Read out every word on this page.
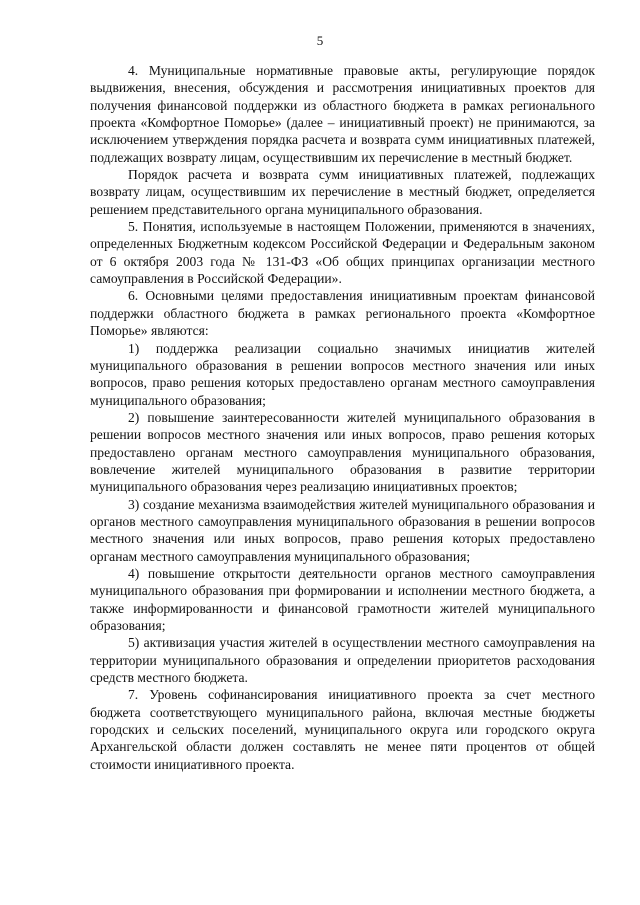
5

4. Муниципальные нормативные правовые акты, регулирующие порядок выдвижения, внесения, обсуждения и рассмотрения инициативных проектов для получения финансовой поддержки из областного бюджета в рамках регионального проекта «Комфортное Поморье» (далее – инициативный проект) не принимаются, за исключением утверждения порядка расчета и возврата сумм инициативных платежей, подлежащих возврату лицам, осуществившим их перечисление в местный бюджет.

Порядок расчета и возврата сумм инициативных платежей, подлежащих возврату лицам, осуществившим их перечисление в местный бюджет, определяется решением представительного органа муниципального образования.

5. Понятия, используемые в настоящем Положении, применяются в значениях, определенных Бюджетным кодексом Российской Федерации и Федеральным законом от 6 октября 2003 года № 131-ФЗ «Об общих принципах организации местного самоуправления в Российской Федерации».

6. Основными целями предоставления инициативным проектам финансовой поддержки областного бюджета в рамках регионального проекта «Комфортное Поморье» являются:

1) поддержка реализации социально значимых инициатив жителей муниципального образования в решении вопросов местного значения или иных вопросов, право решения которых предоставлено органам местного самоуправления муниципального образования;

2) повышение заинтересованности жителей муниципального образования в решении вопросов местного значения или иных вопросов, право решения которых предоставлено органам местного самоуправления муниципального образования, вовлечение жителей муниципального образования в развитие территории муниципального образования через реализацию инициативных проектов;

3) создание механизма взаимодействия жителей муниципального образования и органов местного самоуправления муниципального образования в решении вопросов местного значения или иных вопросов, право решения которых предоставлено органам местного самоуправления муниципального образования;

4) повышение открытости деятельности органов местного самоуправления муниципального образования при формировании и исполнении местного бюджета, а также информированности и финансовой грамотности жителей муниципального образования;

5) активизация участия жителей в осуществлении местного самоуправления на территории муниципального образования и определении приоритетов расходования средств местного бюджета.

7. Уровень софинансирования инициативного проекта за счет местного бюджета соответствующего муниципального района, включая местные бюджеты городских и сельских поселений, муниципального округа или городского округа Архангельской области должен составлять не менее пяти процентов от общей стоимости инициативного проекта.
